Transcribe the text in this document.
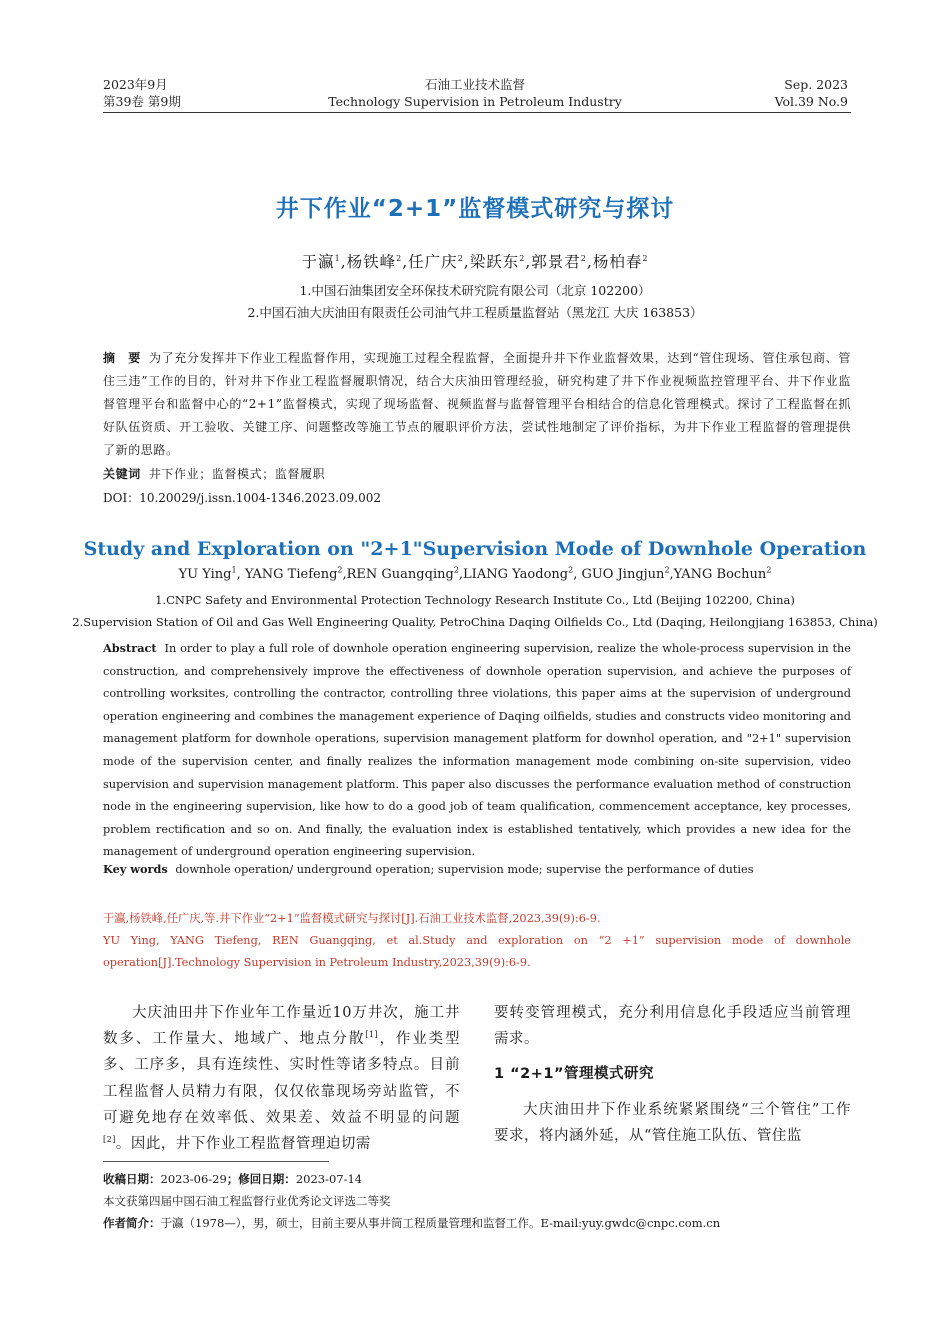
2023年9月
第39卷 第9期
石油工业技术监督
Technology Supervision in Petroleum Industry
Sep. 2023
Vol.39 No.9
井下作业“2+1”监督模式研究与探讨
于瀛$^1$,杨铁峰$^2$,任广庆$^2$,梁跃东$^2$,郭景君$^2$,杨柏春$^2$
1.中国石油集团安全环保技术研究院有限公司（北京 102200）
2.中国石油大庆油田有限责任公司油气井工程质量监督站（黑龙江 大庆 163853）
摘　要 为了充分发挥井下作业工程监督作用，实现施工过程全程监督，全面提升井下作业监督效果，达到“管住现场、管住承包商、管住三违”工作的目的，针对井下作业工程监督履职情况，结合大庆油田管理经验，研究构建了井下作业视频监控管理平台、井下作业监督管理平台和监督中心的“2+1”监督模式，实现了现场监督、视频监督与监督管理平台相结合的信息化管理模式。探讨了工程监督在抓好队伍资质、开工验收、关键工序、问题整改等施工节点的履职评价方法，尝试性地制定了评价指标，为井下作业工程监督的管理提供了新的思路。
关键词 井下作业；监督模式；监督履职
DOI：10.20029/j.issn.1004-1346.2023.09.002
Study and Exploration on "2+1"Supervision Mode of Downhole Operation
YU Ying$^1$, YANG Tiefeng$^2$,REN Guangqing$^2$,LIANG Yaodong$^2$, GUO Jingjun$^2$,YANG Bochun$^2$
1.CNPC Safety and Environmental Protection Technology Research Institute Co., Ltd (Beijing 102200, China)
2.Supervision Station of Oil and Gas Well Engineering Quality, PetroChina Daqing Oilfields Co., Ltd (Daqing, Heilongjiang 163853, China)
Abstract In order to play a full role of downhole operation engineering supervision, realize the whole-process supervision in the construction, and comprehensively improve the effectiveness of downhole operation supervision, and achieve the purposes of controlling worksites, controlling the contractor, controlling three violations, this paper aims at the supervision of underground operation engineering and combines the management experience of Daqing oilfields, studies and constructs video monitoring and management platform for downhole operations, supervision management platform for downhol operation, and "2+1" supervision mode of the supervision center, and finally realizes the information management mode combining on-site supervision, video supervision and supervision management platform. This paper also discusses the performance evaluation method of construction node in the engineering supervision, like how to do a good job of team qualification, commencement acceptance, key processes, problem rectification and so on. And finally, the evaluation index is established tentatively, which provides a new idea for the management of underground operation engineering supervision.
Key words downhole operation/ underground operation; supervision mode; supervise the performance of duties
于瀛,杨铁峰,任广庆,等.井下作业“2+1”监督模式研究与探讨[J].石油工业技术监督,2023,39(9):6-9.
YU Ying, YANG Tiefeng, REN Guangqing, et al.Study and exploration on “2 +1” supervision mode of downhole operation[J].Technology Supervision in Petroleum Industry,2023,39(9):6-9.

大庆油田井下作业年工作量近10万井次，施工井数多、工作量大、地域广、地点分散[1]，作业类型多、工序多，具有连续性、实时性等诸多特点。目前工程监督人员精力有限，仅仅依靠现场旁站监管，不可避免地存在效率低、效果差、效益不明显的问题[2]。因此，井下作业工程监督管理迫切需

要转变管理模式，充分利用信息化手段适应当前管理需求。

1 “2+1”管理模式研究

大庆油田井下作业系统紧紧围绕“三个管住”工作要求，将内涵外延，从“管住施工队伍、管住监

收稿日期：2023-06-29；修回日期：2023-07-14
本文获第四届中国石油工程监督行业优秀论文评选二等奖
作者简介：于瀛（1978—），男，硕士，目前主要从事井筒工程质量管理和监督工作。E-mail:yuy.gwdc@cnpc.com.cn
